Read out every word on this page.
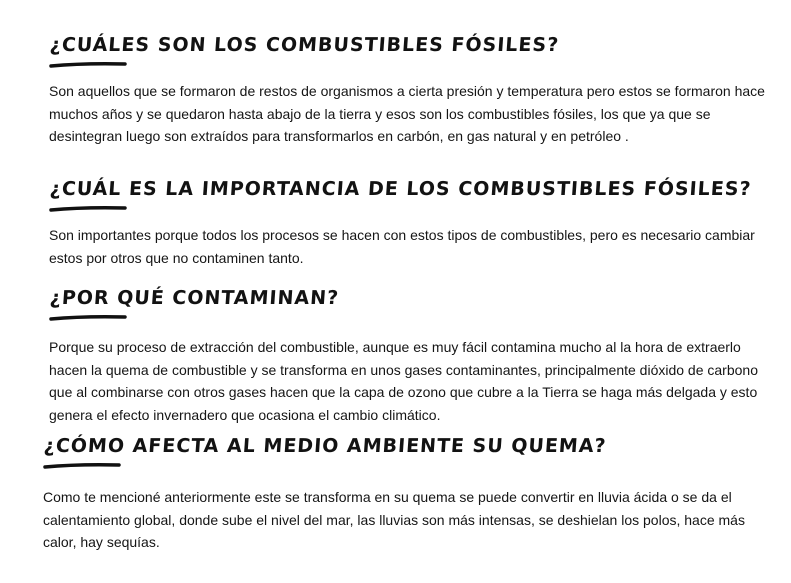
¿CUÁLES SON LOS COMBUSTIBLES FÓSILES?

Son aquellos que se formaron de restos de organismos a cierta presión y temperatura pero estos se formaron hace muchos años y se quedaron hasta abajo de la tierra y esos son los combustibles fósiles, los que ya que se desintegran luego son extraídos para transformarlos en carbón, en gas natural y en petróleo .

¿CUÁL ES LA IMPORTANCIA DE LOS COMBUSTIBLES FÓSILES?

Son importantes porque todos los procesos se hacen con estos tipos de combustibles, pero es necesario cambiar estos por otros que no contaminen tanto.

¿POR QUÉ CONTAMINAN?

Porque su proceso de extracción del combustible, aunque es muy fácil contamina mucho al la hora de extraerlo hacen la quema de combustible y se transforma en unos gases contaminantes, principalmente dióxido de carbono que al combinarse con otros gases hacen que la capa de ozono que cubre a la Tierra se haga más delgada y esto genera el efecto invernadero que ocasiona el cambio climático.

¿CÓMO AFECTA AL MEDIO AMBIENTE SU QUEMA?

Como te mencioné anteriormente este se transforma en su quema se puede convertir en lluvia ácida o se da el calentamiento global, donde sube el nivel del mar, las lluvias son más intensas, se deshielan los polos, hace más calor, hay sequías.
